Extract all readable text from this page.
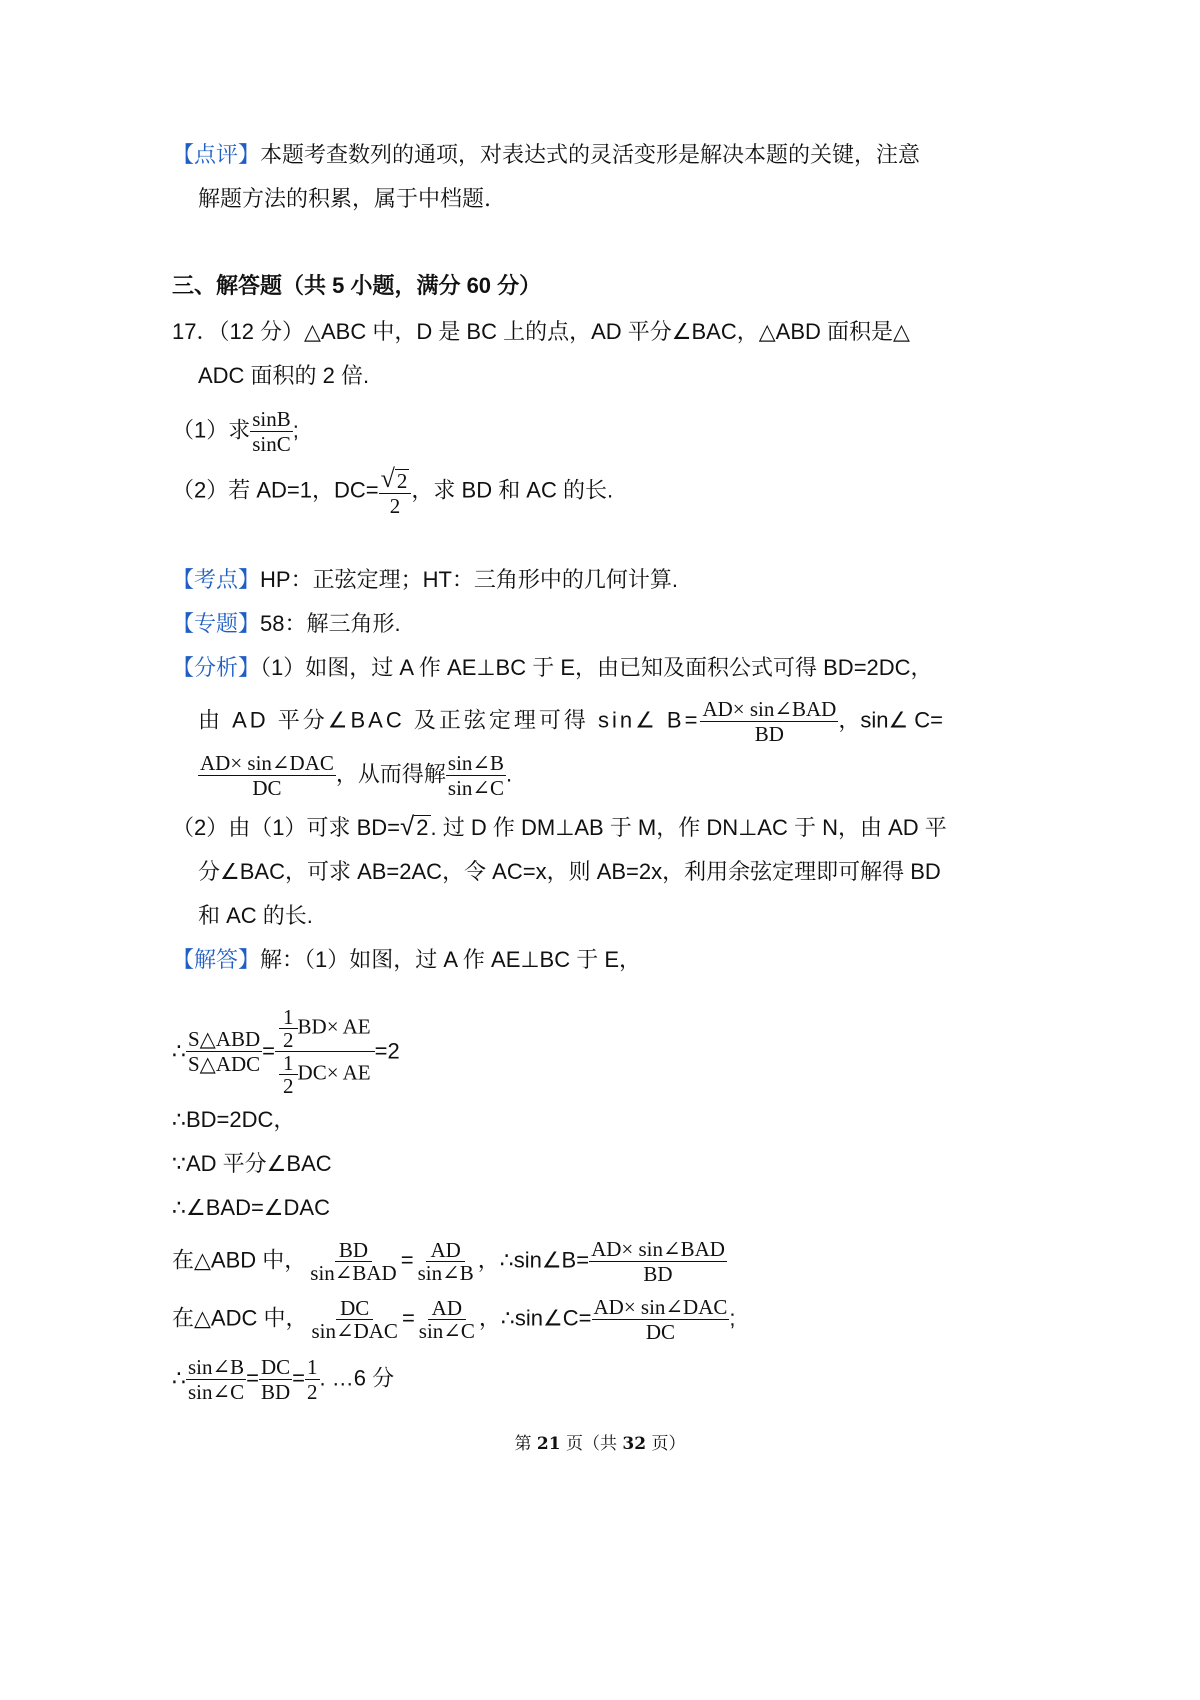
【点评】本题考查数列的通项，对表达式的灵活变形是解决本题的关键，注意
解题方法的积累，属于中档题.
三、解答题（共 5 小题，满分 60 分）
17．（12 分）△ABC 中，D 是 BC 上的点，AD 平分∠BAC，△ABD 面积是△
ADC 面积的 2 倍.
（1）求 $\frac{\sin B}{\sin C}$ ;
（2）若 AD=1，$DC= \frac{√ 2}{2}$ ，求 BD 和 AC 的长.
【考点】HP：正弦定理；HT：三角形中的几何计算.
【专题】58：解三角形.
【分析】（1）如图，过 A 作 AE⊥BC 于 E，由已知及面积公式可得 BD=2DC，
由 AD 平分∠BAC 及正弦定理可得 sin∠ $B= \frac{\text{AD× sin∠BAD}}{BD}$ ，sin∠ C=
$\frac{\text{AD× sin∠DAC}}{DC}$ ，从而得解 $\frac{\sin\angle B}{\sin\angle C}$ .
（2）由（1）可求 BD= √ 2 . 过 D 作 DM⊥AB 于 M，作 DN⊥AC 于 N，由 AD 平
分∠BAC，可求 AB=2AC，令 AC=x，则 AB=2x，利用余弦定理即可解得 BD
和 AC 的长.
【解答】解：（1）如图，过 A 作 AE⊥BC 于 E，
∴ $\frac{\text{S△ABD}}{\text{S△ADC}} = \frac{\frac{1}{2} BD\times AE}{\frac{1}{2} DC\times AE} =2$
∴BD=2DC，
∵AD 平分∠BAC
∴∠BAD=∠DAC
在△ABD 中， $\frac{BD}{\text{sin∠BAD}} = \frac{AD}{\sin\angle B}$ ，∴sin∠B= $\frac{\text{AD× sin∠BAD}}{BD}$
在△ADC 中， $\frac{DC}{\text{sin∠DAC}} = \frac{AD}{\sin\angle C}$ ，∴sin∠C= $\frac{\text{AD× sin∠DAC}}{DC}$ ;
∴ $\frac{\sin\angle B}{\sin\angle C} = \frac{DC}{BD} = \frac{1}{2}$ . …6 分
第 21 页（共 32 页）
